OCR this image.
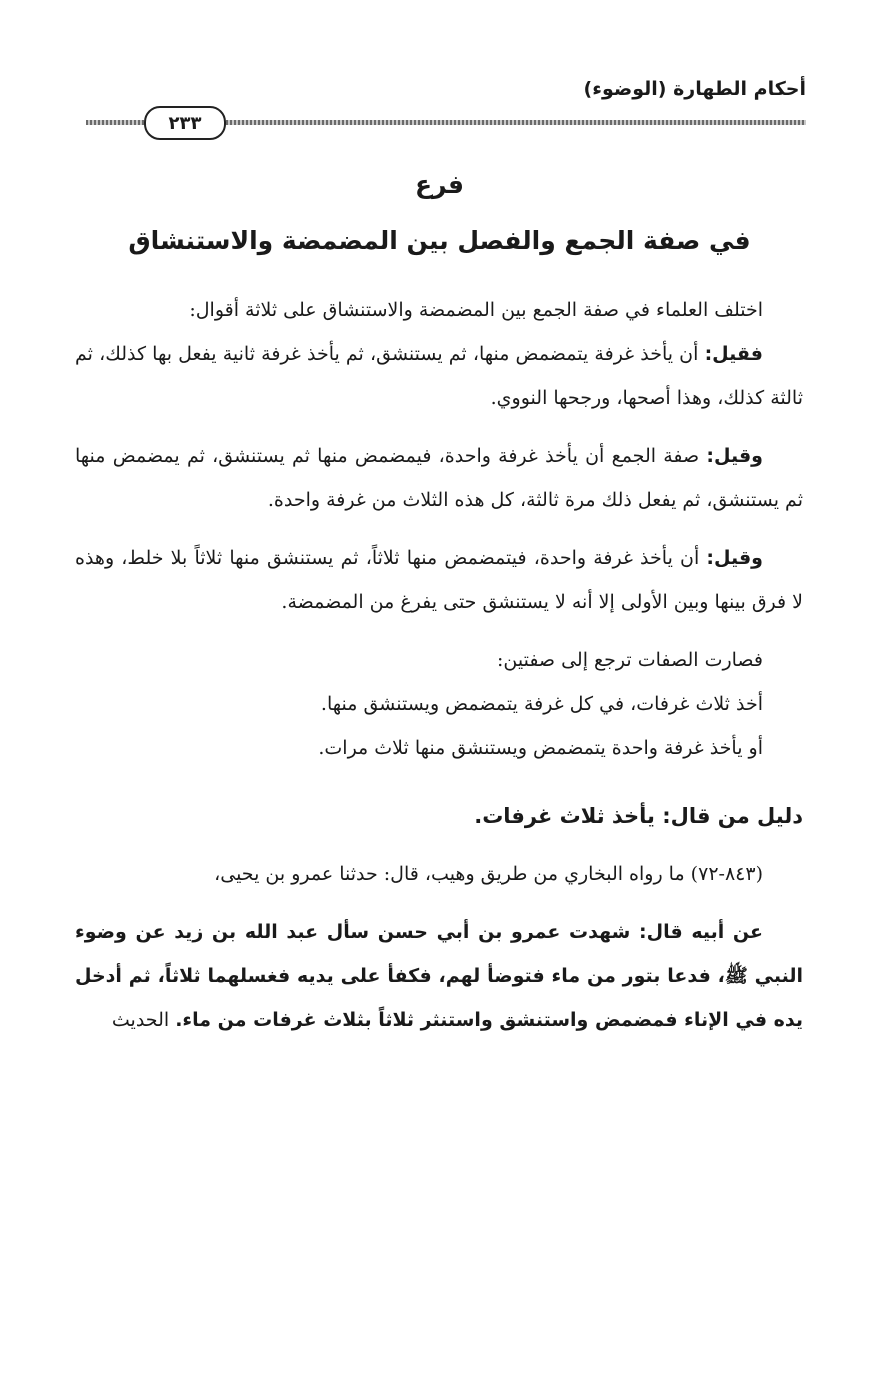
أحكام الطهارة (الوضوء)
٢٣٣
فرع
في صفة الجمع والفصل بين المضمضة والاستنشاق

اختلف العلماء في صفة الجمع بين المضمضة والاستنشاق على ثلاثة أقوال:

فقيل: أن يأخذ غرفة يتمضمض منها، ثم يستنشق، ثم يأخذ غرفة ثانية يفعل بها كذلك، ثم ثالثة كذلك، وهذا أصحها، ورجحها النووي.

وقيل: صفة الجمع أن يأخذ غرفة واحدة، فيمضمض منها ثم يستنشق، ثم يمضمض منها ثم يستنشق، ثم يفعل ذلك مرة ثالثة، كل هذه الثلاث من غرفة واحدة.

وقيل: أن يأخذ غرفة واحدة، فيتمضمض منها ثلاثاً، ثم يستنشق منها ثلاثاً بلا خلط، وهذه لا فرق بينها وبين الأولى إلا أنه لا يستنشق حتى يفرغ من المضمضة.

فصارت الصفات ترجع إلى صفتين:

أخذ ثلاث غرفات، في كل غرفة يتمضمض ويستنشق منها.

أو يأخذ غرفة واحدة يتمضمض ويستنشق منها ثلاث مرات.

دليل من قال: يأخذ ثلاث غرفات.

(٨٤٣-٧٢) ما رواه البخاري من طريق وهيب، قال: حدثنا عمرو بن يحيى،

عن أبيه قال: شهدت عمرو بن أبي حسن سأل عبد الله بن زيد عن وضوء النبي ﷺ، فدعا بتور من ماء فتوضأ لهم، فكفأ على يديه فغسلهما ثلاثاً، ثم أدخل يده في الإناء فمضمض واستنشق واستنثر ثلاثاً بثلاث غرفات من ماء. الحديث
